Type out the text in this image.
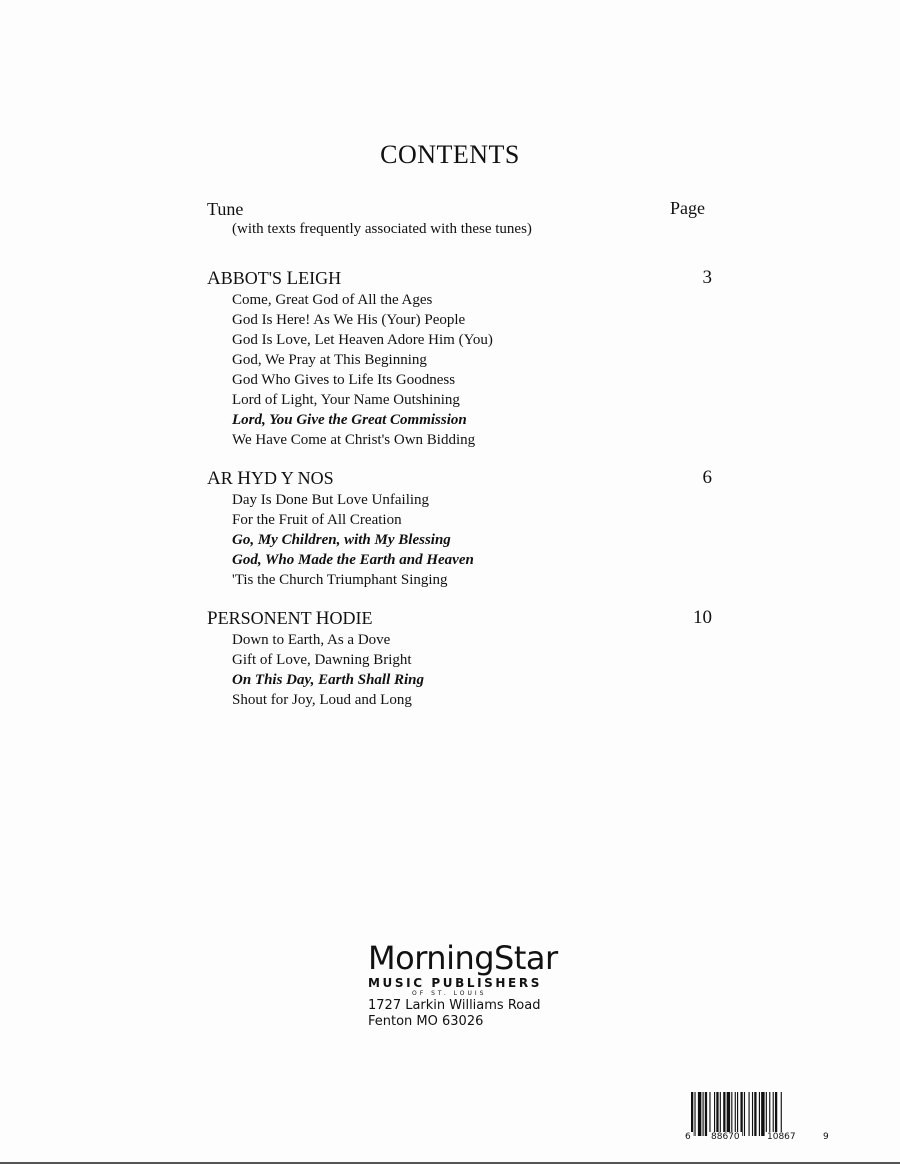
CONTENTS
Tune
(with texts frequently associated with these tunes)
Page
ABBOT'S LEIGH	3
Come, Great God of All the Ages
God Is Here! As We His (Your) People
God Is Love, Let Heaven Adore Him (You)
God, We Pray at This Beginning
God Who Gives to Life Its Goodness
Lord of Light, Your Name Outshining
Lord, You Give the Great Commission
We Have Come at Christ's Own Bidding
AR HYD Y NOS	6
Day Is Done But Love Unfailing
For the Fruit of All Creation
Go, My Children, with My Blessing
God, Who Made the Earth and Heaven
'Tis the Church Triumphant Singing
PERSONENT HODIE	10
Down to Earth, As a Dove
Gift of Love, Dawning Bright
On This Day, Earth Shall Ring
Shout for Joy, Loud and Long
MorningStar
MUSIC PUBLISHERS
OF ST. LOUIS
1727 Larkin Williams Road
Fenton MO 63026
6 88670	10867	9
